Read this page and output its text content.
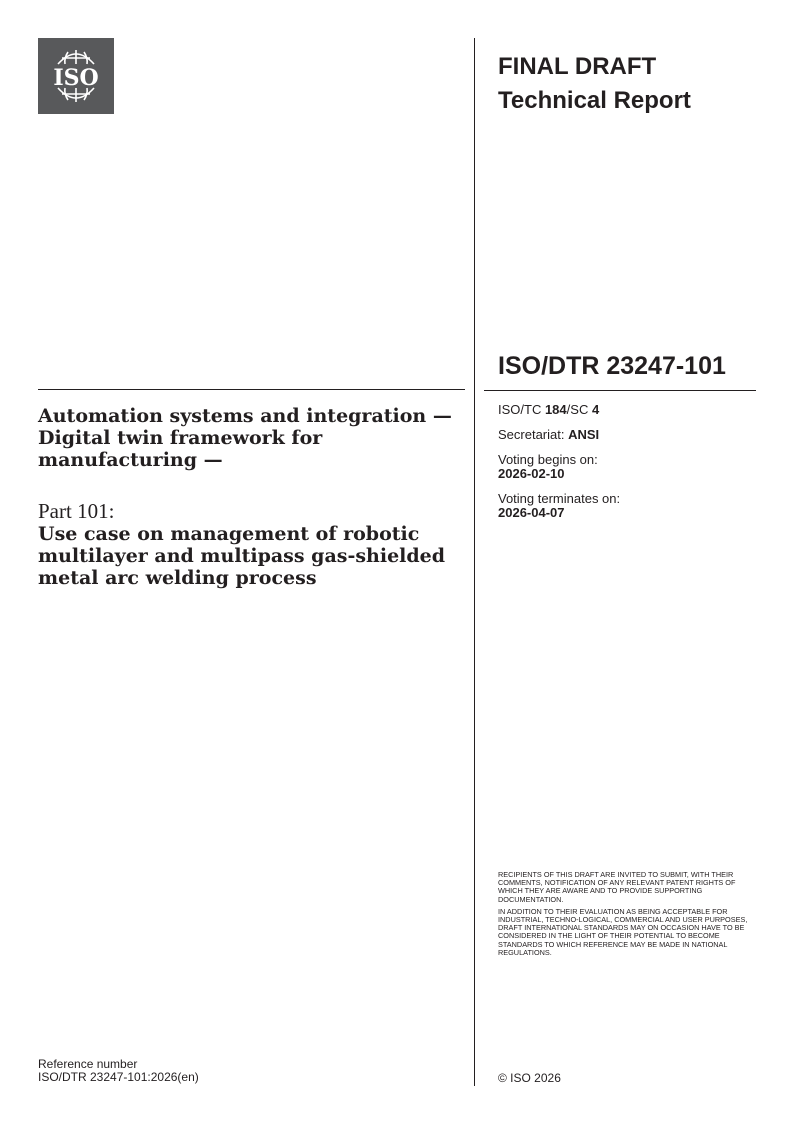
ISO	FINAL DRAFT
Technical Report
ISO/DTR 23247-101
ISO/TC 184/SC 4
Secretariat: ANSI
Voting begins on:
2026-02-10
Voting terminates on:
2026-04-07
Automation systems and integration — Digital twin framework for manufacturing —
Part 101:
Use case on management of robotic multilayer and multipass gas-shielded metal arc welding process

RECIPIENTS OF THIS DRAFT ARE INVITED TO SUBMIT, WITH THEIR COMMENTS, NOTIFICATION OF ANY RELEVANT PATENT RIGHTS OF WHICH THEY ARE AWARE AND TO PROVIDE SUPPORTING DOCUMENTATION.

IN ADDITION TO THEIR EVALUATION AS BEING ACCEPTABLE FOR INDUSTRIAL, TECHNO-LOGICAL, COMMERCIAL AND USER PURPOSES, DRAFT INTERNATIONAL STANDARDS MAY ON OCCASION HAVE TO BE CONSIDERED IN THE LIGHT OF THEIR POTENTIAL TO BECOME STANDARDS TO WHICH REFERENCE MAY BE MADE IN NATIONAL REGULATIONS.

Reference number
ISO/DTR 23247-101:2026(en)	© ISO 2026
